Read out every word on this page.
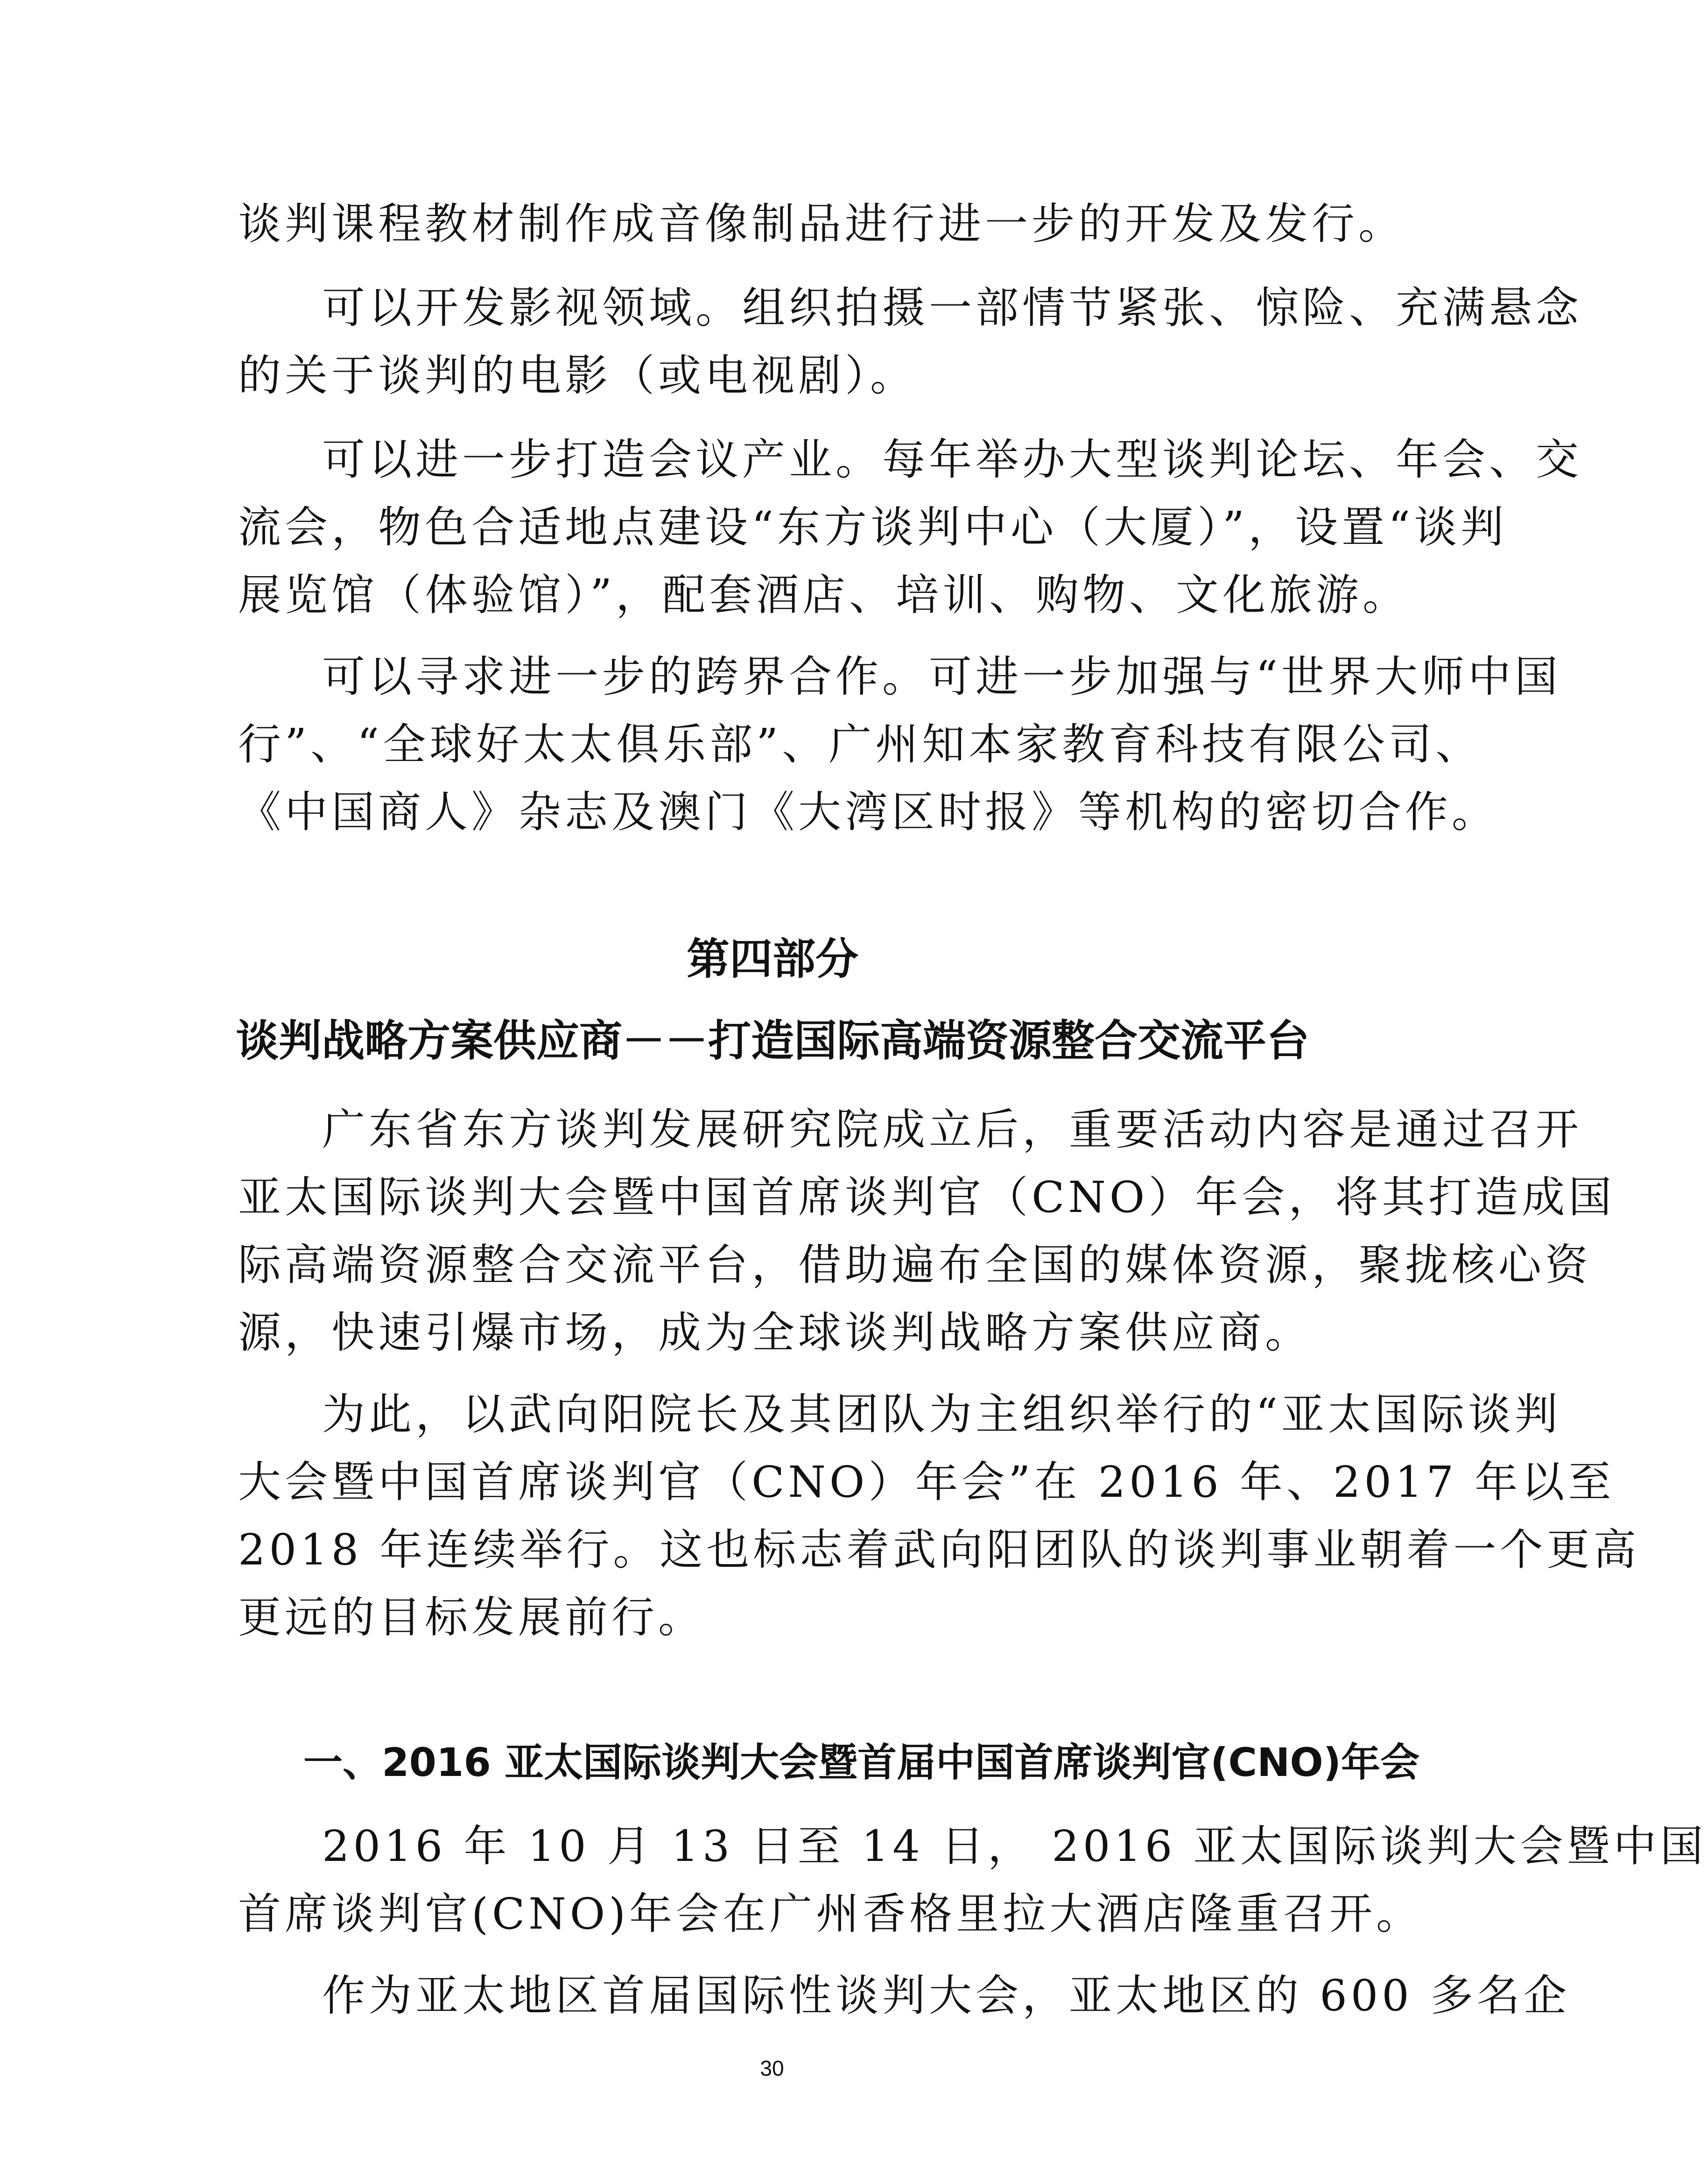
谈判课程教材制作成音像制品进行进一步的开发及发行。
可以开发影视领域。组织拍摄一部情节紧张、惊险、充满悬念
的关于谈判的电影（或电视剧）。
可以进一步打造会议产业。每年举办大型谈判论坛、年会、交
流会，物色合适地点建设“东方谈判中心（大厦）”，设置“谈判
展览馆（体验馆）”，配套酒店、培训、购物、文化旅游。
可以寻求进一步的跨界合作。可进一步加强与“世界大师中国
行”、“全球好太太俱乐部”、广州知本家教育科技有限公司、
《中国商人》杂志及澳门《大湾区时报》等机构的密切合作。
第四部分
谈判战略方案供应商－－打造国际高端资源整合交流平台
广东省东方谈判发展研究院成立后，重要活动内容是通过召开
亚太国际谈判大会暨中国首席谈判官（CNO）年会，将其打造成国
际高端资源整合交流平台，借助遍布全国的媒体资源，聚拢核心资
源，快速引爆市场，成为全球谈判战略方案供应商。
为此，以武向阳院长及其团队为主组织举行的“亚太国际谈判
大会暨中国首席谈判官（CNO）年会”在 2016 年、2017 年以至
2018 年连续举行。这也标志着武向阳团队的谈判事业朝着一个更高
更远的目标发展前行。
一、2016 亚太国际谈判大会暨首届中国首席谈判官(CNO)年会
2016 年 10 月 13 日至 14 日， 2016 亚太国际谈判大会暨中国
首席谈判官(CNO)年会在广州香格里拉大酒店隆重召开。
作为亚太地区首届国际性谈判大会，亚太地区的 600 多名企
30
